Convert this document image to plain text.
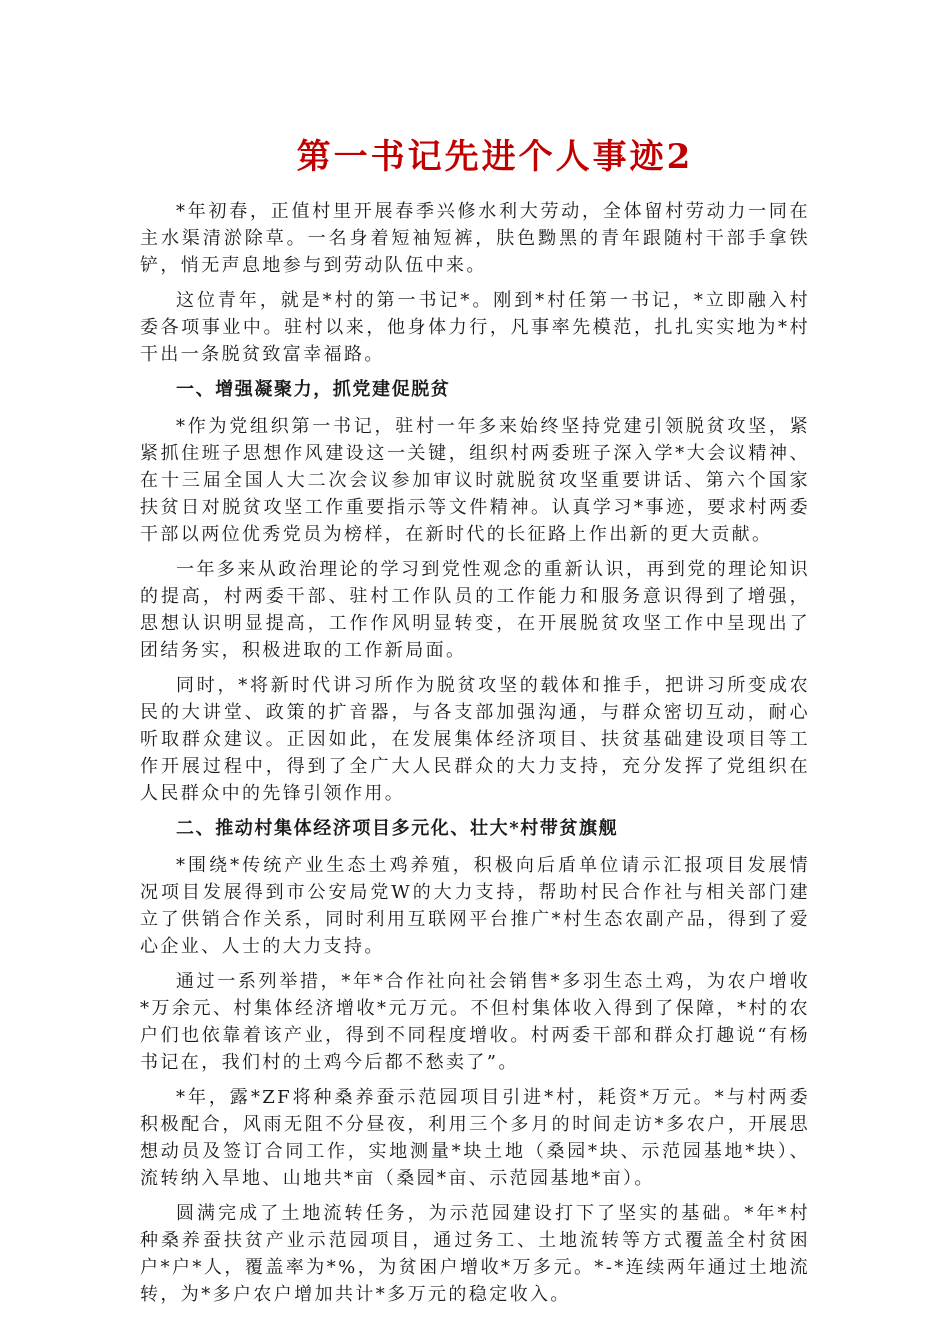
第一书记先进个人事迹2

*年初春，正值村里开展春季兴修水利大劳动，全体留村劳动力一同在主水渠清淤除草。一名身着短袖短裤，肤色黝黑的青年跟随村干部手拿铁铲，悄无声息地参与到劳动队伍中来。

这位青年，就是*村的第一书记*。刚到*村任第一书记，*立即融入村委各项事业中。驻村以来，他身体力行，凡事率先模范，扎扎实实地为*村干出一条脱贫致富幸福路。

一、增强凝聚力，抓党建促脱贫

*作为党组织第一书记，驻村一年多来始终坚持党建引领脱贫攻坚，紧紧抓住班子思想作风建设这一关键，组织村两委班子深入学*大会议精神、在十三届全国人大二次会议参加审议时就脱贫攻坚重要讲话、第六个国家扶贫日对脱贫攻坚工作重要指示等文件精神。认真学习*事迹，要求村两委干部以两位优秀党员为榜样，在新时代的长征路上作出新的更大贡献。

一年多来从政治理论的学习到党性观念的重新认识，再到党的理论知识的提高，村两委干部、驻村工作队员的工作能力和服务意识得到了增强，思想认识明显提高，工作作风明显转变，在开展脱贫攻坚工作中呈现出了团结务实，积极进取的工作新局面。

同时，*将新时代讲习所作为脱贫攻坚的载体和推手，把讲习所变成农民的大讲堂、政策的扩音器，与各支部加强沟通，与群众密切互动，耐心听取群众建议。正因如此，在发展集体经济项目、扶贫基础建设项目等工作开展过程中，得到了全广大人民群众的大力支持，充分发挥了党组织在人民群众中的先锋引领作用。

二、推动村集体经济项目多元化、壮大*村带贫旗舰

*围绕*传统产业生态土鸡养殖，积极向后盾单位请示汇报项目发展情况项目发展得到市公安局党W的大力支持，帮助村民合作社与相关部门建立了供销合作关系，同时利用互联网平台推广*村生态农副产品，得到了爱心企业、人士的大力支持。

通过一系列举措，*年*合作社向社会销售*多羽生态土鸡，为农户增收*万余元、村集体经济增收*元万元。不但村集体收入得到了保障，*村的农户们也依靠着该产业，得到不同程度增收。村两委干部和群众打趣说“有杨书记在，我们村的土鸡今后都不愁卖了”。

*年，露*ZF将种桑养蚕示范园项目引进*村，耗资*万元。*与村两委积极配合，风雨无阻不分昼夜，利用三个多月的时间走访*多农户，开展思想动员及签订合同工作，实地测量*块土地（桑园*块、示范园基地*块）、流转纳入旱地、山地共*亩（桑园*亩、示范园基地*亩）。

圆满完成了土地流转任务，为示范园建设打下了坚实的基础。*年*村种桑养蚕扶贫产业示范园项目，通过务工、土地流转等方式覆盖全村贫困户*户*人，覆盖率为*%，为贫困户增收*万多元。*-*连续两年通过土地流转，为*多户农户增加共计*多万元的稳定收入。
